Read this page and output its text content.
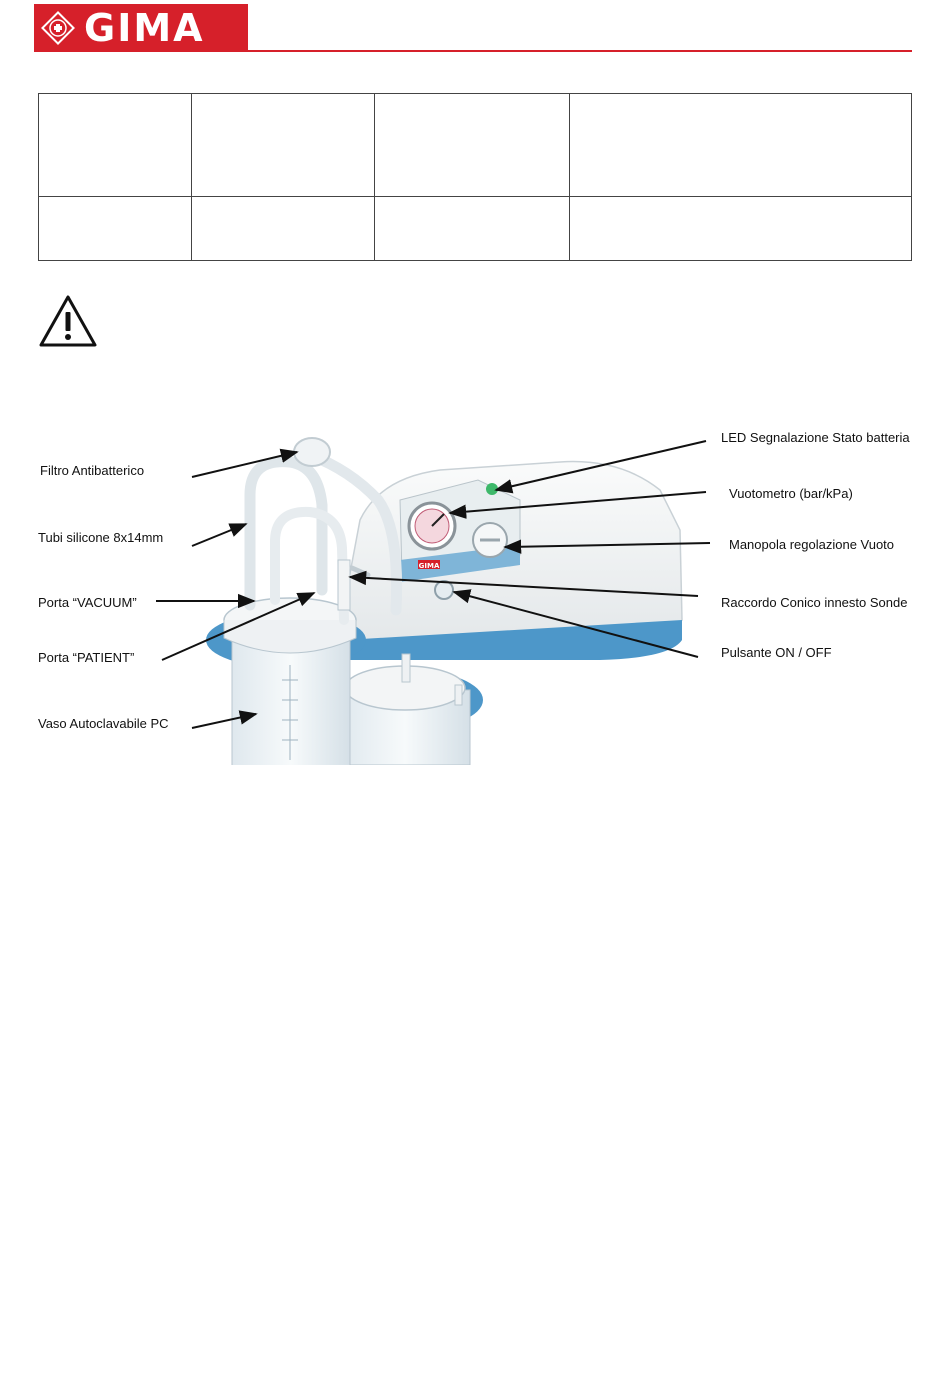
GIMA

GIMA
Filtro Antibatterico
Tubi silicone 8x14mm
Porta “VACUUM”
Porta “PATIENT”
Vaso Autoclavabile PC
LED Segnalazione Stato batteria
Vuotometro (bar/kPa)
Manopola regolazione Vuoto
Raccordo Conico innesto Sonde
Pulsante ON / OFF
